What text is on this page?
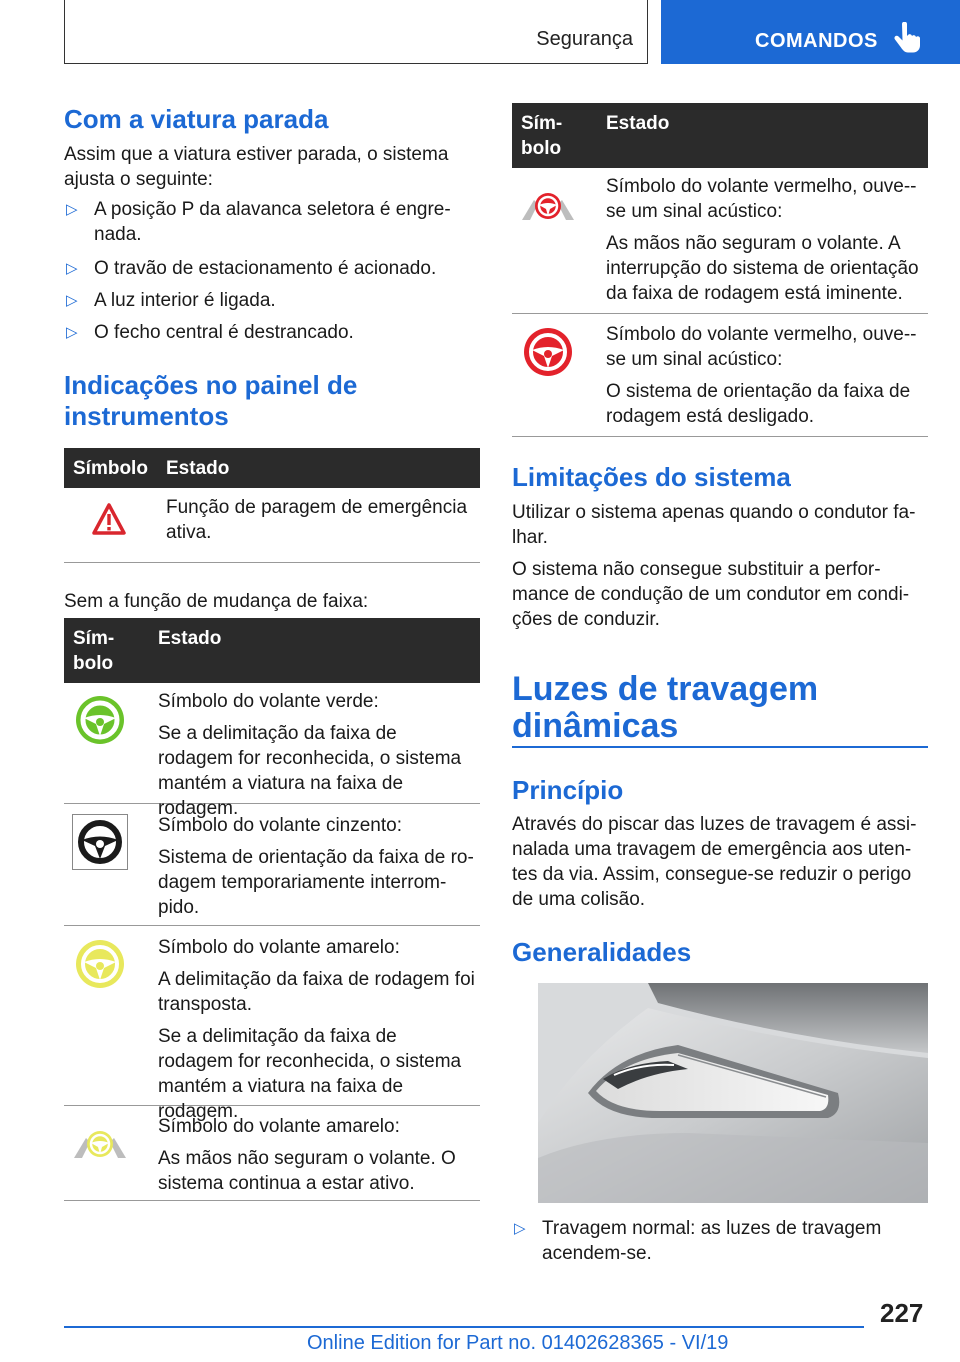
Segurança	COMANDOS
Com a viatura parada

Assim que a viatura estiver parada, o sistema ajusta o seguinte:

▷ A posição P da alavanca seletora é engre-nada.
▷ O travão de estacionamento é acionado.
▷ A luz interior é ligada.
▷ O fecho central é destrancado.
Indicações no painel de instrumentos
Símbolo Estado
Função de paragem de emergência ativa.

Sem a função de mudança de faixa:

Sím-bolo
Estado
Símbolo do volante verde:
Se a delimitação da faixa de rodagem for reconhecida, o sistema mantém a viatura na faixa de rodagem.
Símbolo do volante cinzento:
Sistema de orientação da faixa de ro-dagem temporariamente interrom-pido.
Símbolo do volante amarelo:
A delimitação da faixa de rodagem foi transposta.
Se a delimitação da faixa de rodagem for reconhecida, o sistema mantém a viatura na faixa de rodagem.
Símbolo do volante amarelo:
As mãos não seguram o volante. O sistema continua a estar ativo.
Sím-bolo
Estado
Símbolo do volante vermelho, ouve--se um sinal acústico:
As mãos não seguram o volante. A interrupção do sistema de orientação da faixa de rodagem está iminente.
Símbolo do volante vermelho, ouve--se um sinal acústico:
O sistema de orientação da faixa de rodagem está desligado.
Limitações do sistema

Utilizar o sistema apenas quando o condutor fa-lhar.

O sistema não consegue substituir a perfor-mance de condução de um condutor em condi-ções de conduzir.

Luzes de travagem dinâmicas
Princípio

Através do piscar das luzes de travagem é assi-nalada uma travagem de emergência aos uten-tes da via. Assim, consegue-se reduzir o perigo de uma colisão.

Generalidades
▷ Travagem normal: as luzes de travagem acendem-se.
227
Online Edition for Part no. 01402628365 - VI/19
